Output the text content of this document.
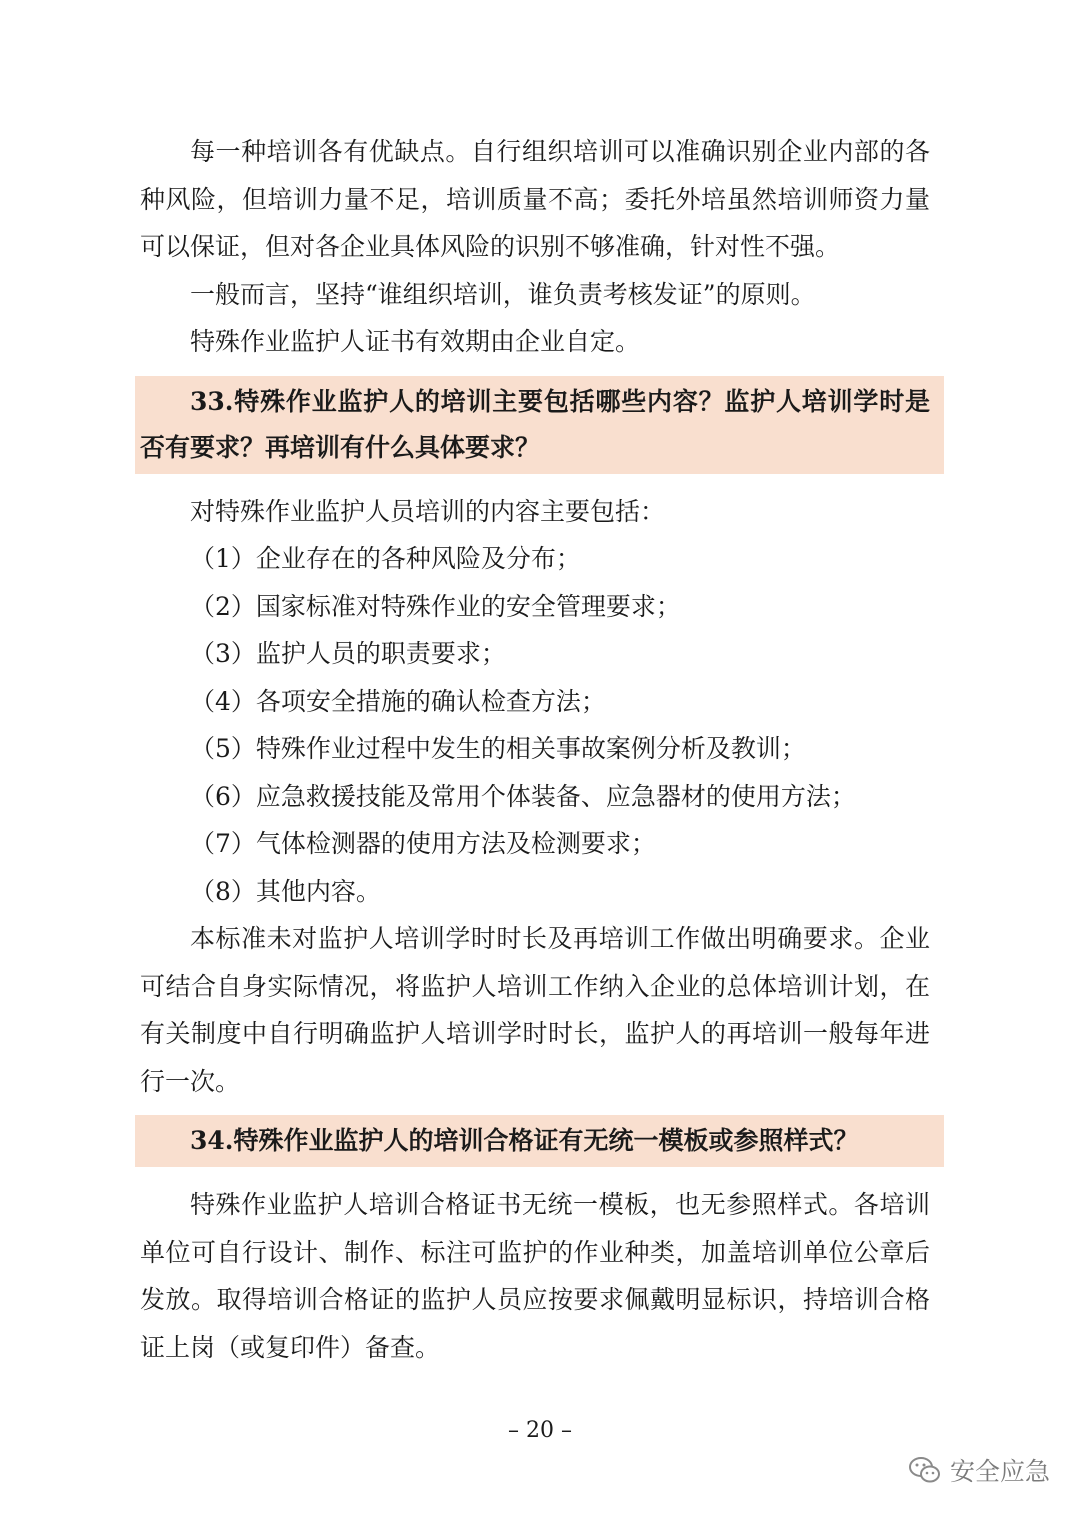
每一种培训各有优缺点。自行组织培训可以准确识别企业内部的各种风险，但培训力量不足，培训质量不高；委托外培虽然培训师资力量可以保证，但对各企业具体风险的识别不够准确，针对性不强。

一般而言，坚持“谁组织培训，谁负责考核发证”的原则。

特殊作业监护人证书有效期由企业自定。

33.特殊作业监护人的培训主要包括哪些内容？监护人培训学时是否有要求？再培训有什么具体要求？

对特殊作业监护人员培训的内容主要包括：

（1）企业存在的各种风险及分布；

（2）国家标准对特殊作业的安全管理要求；

（3）监护人员的职责要求；

（4）各项安全措施的确认检查方法；

（5）特殊作业过程中发生的相关事故案例分析及教训；

（6）应急救援技能及常用个体装备、应急器材的使用方法；

（7）气体检测器的使用方法及检测要求；

（8）其他内容。

本标准未对监护人培训学时时长及再培训工作做出明确要求。企业可结合自身实际情况，将监护人培训工作纳入企业的总体培训计划，在有关制度中自行明确监护人培训学时时长，监护人的再培训一般每年进行一次。

34.特殊作业监护人的培训合格证有无统一模板或参照样式？

特殊作业监护人培训合格证书无统一模板，也无参照样式。各培训单位可自行设计、制作、标注可监护的作业种类，加盖培训单位公章后发放。取得培训合格证的监护人员应按要求佩戴明显标识，持培训合格证上岗（或复印件）备查。

– 20 –
安全应急
